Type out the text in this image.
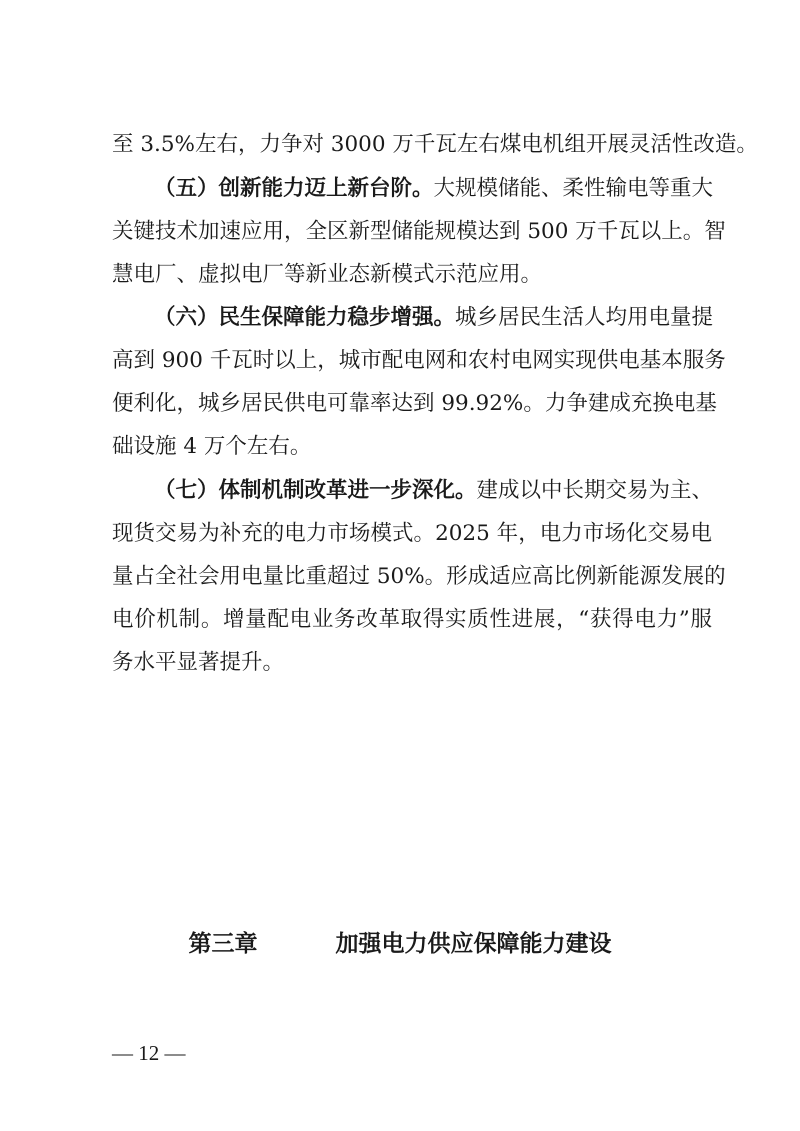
至 3.5%左右，力争对 3000 万千瓦左右煤电机组开展灵活性改造。
（五）创新能力迈上新台阶。大规模储能、柔性输电等重大
关键技术加速应用，全区新型储能规模达到 500 万千瓦以上。智
慧电厂、虚拟电厂等新业态新模式示范应用。
（六）民生保障能力稳步增强。城乡居民生活人均用电量提
高到 900 千瓦时以上，城市配电网和农村电网实现供电基本服务
便利化，城乡居民供电可靠率达到 99.92%。力争建成充换电基
础设施 4 万个左右。
（七）体制机制改革进一步深化。建成以中长期交易为主、
现货交易为补充的电力市场模式。2025 年，电力市场化交易电
量占全社会用电量比重超过 50%。形成适应高比例新能源发展的
电价机制。增量配电业务改革取得实质性进展，“获得电力”服
务水平显著提升。
第三章   加强电力供应保障能力建设
— 12 —
